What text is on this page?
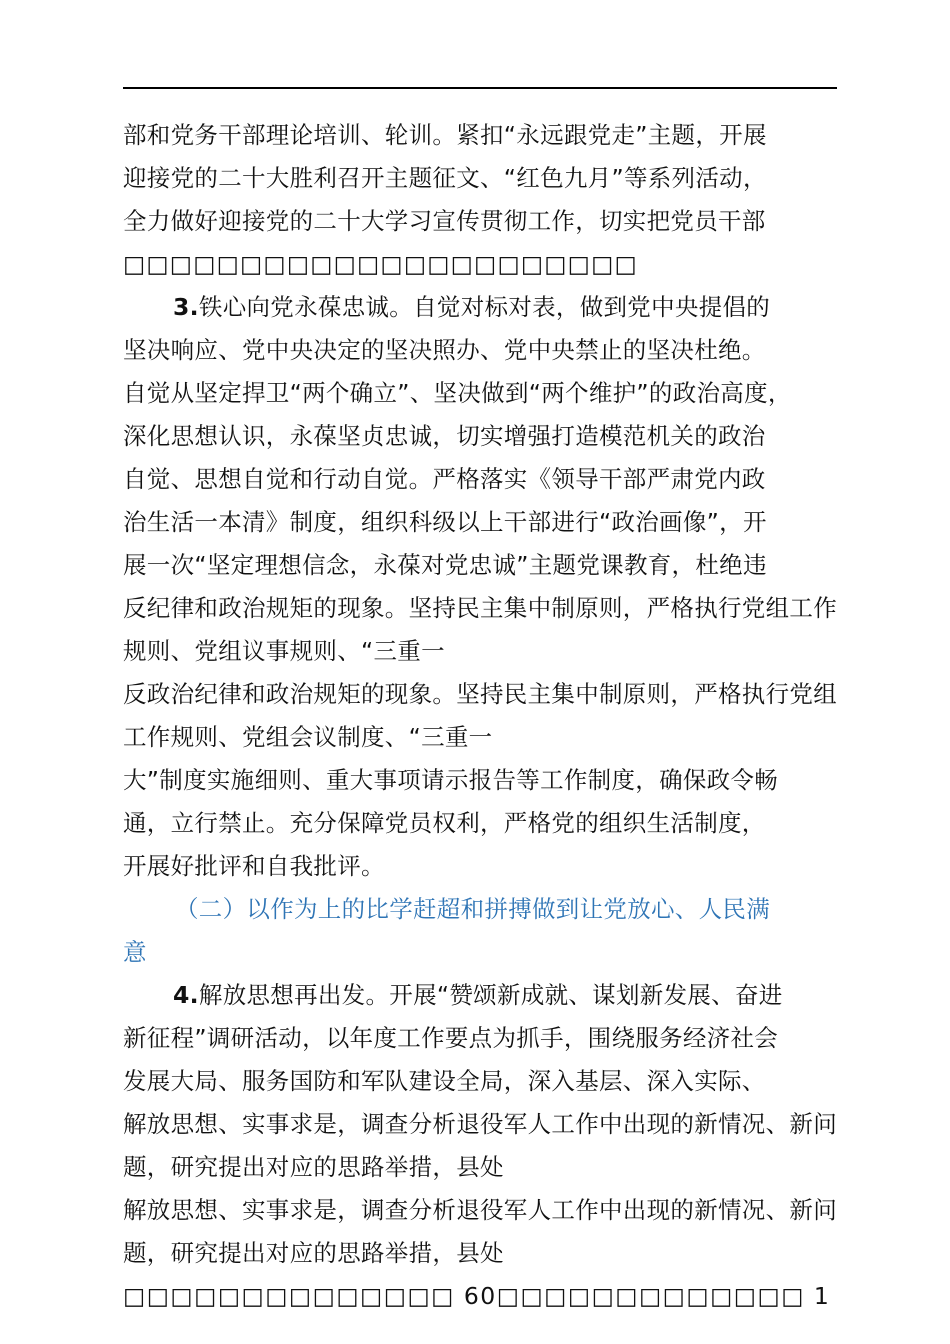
部和党务干部理论培训、轮训。紧扣“永远跟党走”主题，开展
迎接党的二十大胜利召开主题征文、“红色九月”等系列活动，
全力做好迎接党的二十大学习宣传贯彻工作，切实把党员干部
□□□□□□□□□□□□□□□□□□□□□□
3.铁心向党永葆忠诚。自觉对标对表，做到党中央提倡的
坚决响应、党中央决定的坚决照办、党中央禁止的坚决杜绝。
自觉从坚定捍卫“两个确立”、坚决做到“两个维护”的政治高度，
深化思想认识，永葆坚贞忠诚，切实增强打造模范机关的政治
自觉、思想自觉和行动自觉。严格落实《领导干部严肃党内政
治生活一本清》制度，组织科级以上干部进行“政治画像”，开
展一次“坚定理想信念，永葆对党忠诚”主题党课教育，杜绝违
反纪律和政治规矩的现象。坚持民主集中制原则，严格执行党组工作规则、党组议事规则、“三重一
反政治纪律和政治规矩的现象。坚持民主集中制原则，严格执行党组工作规则、党组会议制度、“三重一
大”制度实施细则、重大事项请示报告等工作制度，确保政令畅
通，立行禁止。充分保障党员权利，严格党的组织生活制度，
开展好批评和自我批评。
（二）以作为上的比学赶超和拼搏做到让党放心、人民满
意
4.解放思想再出发。开展“赞颂新成就、谋划新发展、奋进
新征程”调研活动，以年度工作要点为抓手，围绕服务经济社会
发展大局、服务国防和军队建设全局，深入基层、深入实际、
解放思想、实事求是，调查分析退役军人工作中出现的新情况、新问题，研究提出对应的思路举措，县处
解放思想、实事求是，调查分析退役军人工作中出现的新情况、新问题，研究提出对应的思路举措，县处
□□□□□□□□□□□□□□ 60□□□□□□□□□□□□□ 1
